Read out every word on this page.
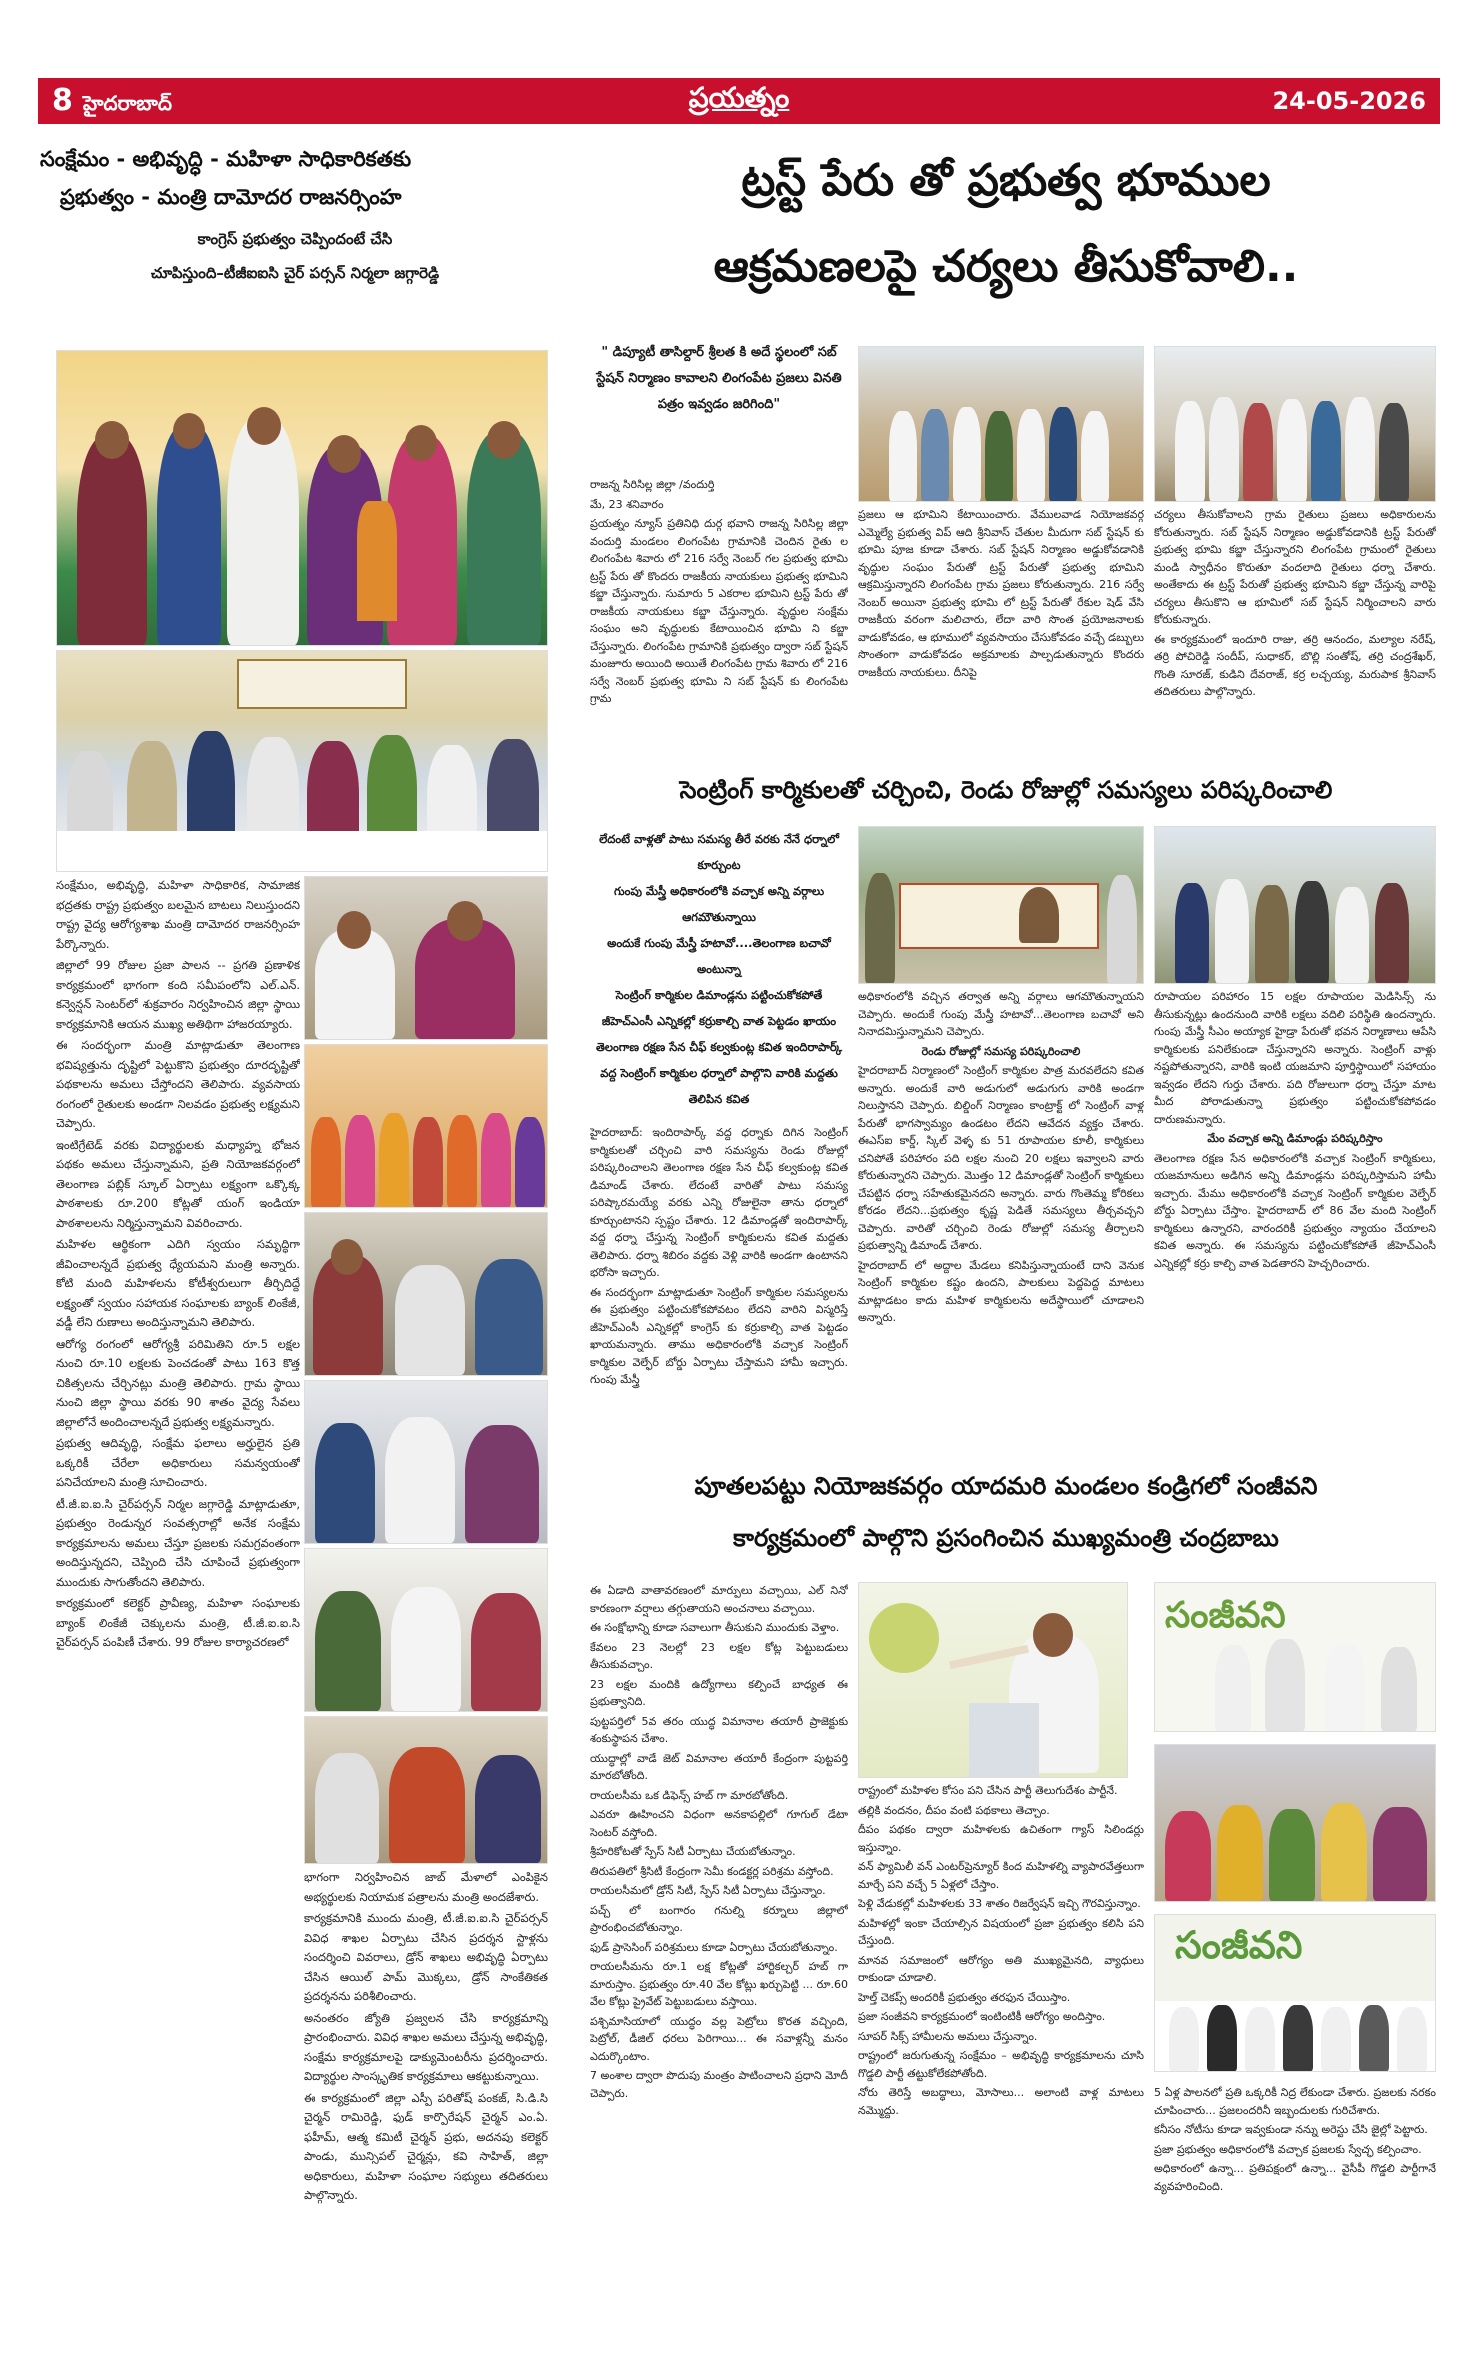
8 హైదరాబాద్	ప్రయత్నం	24-05-2026
సంక్షేమం - అభివృద్ధి - మహిళా సాధికారికతకు
ప్రభుత్వం - మంత్రి దామోదర రాజనర్సింహ
కాంగ్రెస్ ప్రభుత్వం చెప్పిందంటే చేసి
చూపిస్తుంది–టీజీఐఐసి చైర్ పర్సన్ నిర్మలా జగ్గారెడ్డి

సంక్షేమం, అభివృద్ధి, మహిళా సాధికారిక, సామాజిక భద్రతకు రాష్ట్ర ప్రభుత్వం బలమైన బాటలు నిలుస్తుందని రాష్ట్ర వైద్య ఆరోగ్యశాఖ మంత్రి దామోదర రాజనర్సింహ పేర్కొన్నారు.

జిల్లాలో 99 రోజుల ప్రజా పాలన -- ప్రగతి ప్రణాళిక కార్యక్రమంలో భాగంగా కంది సమీపంలోని ఎల్.ఎన్. కన్వెన్షన్ సెంటర్‌లో శుక్రవారం నిర్వహించిన జిల్లా స్థాయి కార్యక్రమానికి ఆయన ముఖ్య అతిథిగా హాజరయ్యారు.

ఈ సందర్భంగా మంత్రి మాట్లాడుతూ తెలంగాణ భవిష్యత్తును దృష్టిలో పెట్టుకొని ప్రభుత్వం దూరదృష్టితో పథకాలను అమలు చేస్తోందని తెలిపారు. వ్యవసాయ రంగంలో రైతులకు అండగా నిలవడం ప్రభుత్వ లక్ష్యమని చెప్పారు.

ఇంటిగ్రేటెడ్ వరకు విద్యార్థులకు మధ్యాహ్న భోజన పథకం అమలు చేస్తున్నామని, ప్రతి నియోజకవర్గంలో తెలంగాణ పబ్లిక్ స్కూల్ ఏర్పాటు లక్ష్యంగా ఒక్కొక్క పాఠశాలకు రూ.200 కోట్లతో యంగ్ ఇండియా పాఠశాలలను నిర్మిస్తున్నామని వివరించారు.

మహిళల ఆర్థికంగా ఎదిగి స్వయం సమృద్ధిగా జీవించాలన్నదే ప్రభుత్వ ధ్యేయమని మంత్రి అన్నారు. కోటి మంది మహిళలను కోటీశ్వరులుగా తీర్చిదిద్దే లక్ష్యంతో స్వయం సహాయక సంఘాలకు బ్యాంక్ లింకేజీ, వడ్డీ లేని రుణాలు అందిస్తున్నామని తెలిపారు.

ఆరోగ్య రంగంలో ఆరోగ్యశ్రీ పరిమితిని రూ.5 లక్షల నుంచి రూ.10 లక్షలకు పెంచడంతో పాటు 163 కొత్త చికిత్సలను చేర్చినట్లు మంత్రి తెలిపారు. గ్రామ స్థాయి నుంచి జిల్లా స్థాయి వరకు 90 శాతం వైద్య సేవలు జిల్లాలోనే అందించాలన్నదే ప్రభుత్వ లక్ష్యమన్నారు.

ప్రభుత్వ ఆదివృద్ధి, సంక్షేమ ఫలాలు అర్హులైన ప్రతి ఒక్కరికీ చేరేలా అధికారులు సమన్వయంతో పనిచేయాలని మంత్రి సూచించారు.

టీ.జీ.ఐ.ఐ.సి చైర్‌పర్సన్ నిర్మల జగ్గారెడ్డి మాట్లాడుతూ, ప్రభుత్వం రెండున్నర సంవత్సరాల్లో అనేక సంక్షేమ కార్యక్రమాలను అమలు చేస్తూ ప్రజలకు సమగ్రవంతంగా అందిస్తున్నదని, చెప్పింది చేసి చూపించే ప్రభుత్వంగా ముందుకు సాగుతోందని తెలిపారు.

కార్యక్రమంలో కలెక్టర్ ప్రావీణ్య, మహిళా సంఘాలకు బ్యాంక్ లింకేజీ చెక్కులను మంత్రి, టీ.జీ.ఐ.ఐ.సి చైర్‌పర్సన్ పంపిణీ చేశారు. 99 రోజుల కార్యాచరణలో

భాగంగా నిర్వహించిన జాబ్ మేళాలో ఎంపికైన అభ్యర్థులకు నియామక పత్రాలను మంత్రి అందజేశారు.

కార్యక్రమానికి ముందు మంత్రి, టీ.జీ.ఐ.ఐ.సి చైర్‌పర్సన్ వివిధ శాఖల ఏర్పాటు చేసిన ప్రదర్శన స్టాళ్లను సందర్శించి వివరాలు, డ్రోన్ శాఖలు అభివృద్ధి ఏర్పాటు చేసిన ఆయిల్ పామ్ మొక్కలు, డ్రోన్ సాంకేతికత ప్రదర్శనను పరిశీలించారు.

అనంతరం జ్యోతి ప్రజ్వలన చేసి కార్యక్రమాన్ని ప్రారంభించారు. వివిధ శాఖల అమలు చేస్తున్న అభివృద్ధి, సంక్షేమ కార్యక్రమాలపై డాక్యుమెంటరీను ప్రదర్శించారు. విద్యార్థుల సాంస్కృతిక కార్యక్రమాలు ఆకట్టుకున్నాయి.

ఈ కార్యక్రమంలో జిల్లా ఎస్పీ పరితోష్ పంకజ్, సి.డి.సి చైర్మన్ రామిరెడ్డి, ఫుడ్ కార్పొరేషన్ చైర్మన్ ఎం.ఏ. ఫహీమ్, ఆత్మ కమిటీ చైర్మన్ ప్రభు, అదనపు కలెక్టర్ పాండు, మున్సిపల్ చైర్మన్లు, కవి సాహిత్, జిల్లా అధికారులు, మహిళా సంఘాల సభ్యులు తదితరులు పాల్గొన్నారు.

ట్రస్ట్ పేరు తో ప్రభుత్వ భూముల
ఆక్రమణలపై చర్యలు తీసుకోవాలి..
" డిప్యూటీ తాసిల్దార్ శ్రీలత కి అదే స్థలంలో సబ్ స్టేషన్ నిర్మాణం కావాలని లింగంపేట ప్రజలు వినతి పత్రం ఇవ్వడం జరిగింది"

రాజన్న సిరిసిల్ల జిల్లా /వందుర్తి

మే, 23 శనివారం

ప్రయత్నం న్యూస్ ప్రతినిధి దుర్గ భవాని రాజన్న సిరిసిల్ల జిల్లా వందుర్తి మండలం లింగంపేట గ్రామానికి చెందిన రైతు ల లింగంపేట శివారు లో 216 సర్వే నెంబర్ గల ప్రభుత్వ భూమి ట్రస్ట్ పేరు తో కొందరు రాజకీయ నాయకులు ప్రభుత్వ భూమిని కబ్జా చేస్తున్నారు. సుమారు 5 ఎకరాల భూమిని ట్రస్ట్ పేరు తో రాజకీయ నాయకులు కబ్జా చేస్తున్నారు. వృద్ధుల సంక్షేమ సంఘం అని వృద్ధులకు కేటాయించిన భూమి ని కబ్జా చేస్తున్నారు. లింగంపేట గ్రామానికి ప్రభుత్వం ద్వారా సబ్ స్టేషన్ మంజూరు అయింది అయితే లింగంపేట గ్రామ శివారు లో 216 సర్వే నెంబర్ ప్రభుత్వ భూమి ని సబ్ స్టేషన్ కు లింగంపేట గ్రామ

ప్రజలు ఆ భూమిని కేటాయించారు. వేములవాడ నియోజకవర్గ ఎమ్మెల్యే ప్రభుత్వ విప్ ఆది శ్రీనివాస్ చేతుల మీదుగా సబ్ స్టేషన్ కు భూమి పూజ కూడా చేశారు. సబ్ స్టేషన్ నిర్మాణం అడ్డుకోవడానికి వృద్ధుల సంఘం పేరుతో ట్రస్ట్ పేరుతో ప్రభుత్వ భూమిని ఆక్రమిస్తున్నారని లింగంపేట గ్రామ ప్రజలు కోరుతున్నారు. 216 సర్వే నెంబర్ అయినా ప్రభుత్వ భూమి లో ట్రస్ట్ పేరుతో రేకుల షెడ్ వేసి రాజకీయ వరంగా మలిచారు, లేదా వారి సొంత ప్రయోజనాలకు వాడుకోవడం, ఆ భూములో వ్యవసాయం చేసుకోవడం వచ్చే డబ్బులు సొంతంగా వాడుకోవడం అక్రమాలకు పాల్పడుతున్నారు కొందరు రాజకీయ నాయకులు. దీనిపై

చర్యలు తీసుకోవాలని గ్రామ రైతులు ప్రజలు అధికారులను కోరుతున్నారు. సబ్ స్టేషన్ నిర్మాణం అడ్డుకోవడానికి ట్రస్ట్ పేరుతో ప్రభుత్వ భూమి కబ్జా చేస్తున్నారని లింగంపేట గ్రామంలో రైతులు మండి స్వాధీనం కొరుతూ వందలాది రైతులు ధర్నా చేశారు. అంతేకాదు ఈ ట్రస్ట్ పేరుతో ప్రభుత్వ భూమిని కబ్జా చేస్తున్న వారిపై చర్యలు తీసుకొని ఆ భూమిలో సబ్ స్టేషన్ నిర్మించాలని వారు కోరుకున్నారు.

ఈ కార్యక్రమంలో ఇందూరి రాజు, తర్రి ఆనందం, మల్యాల నరేష్, తర్రి పోచిరెడ్డి సందీప్, సుధాకర్, బొల్లి సంతోష్, తర్రి చంద్రశేఖర్, గొంతి సూరజ్, కుడిని దేవరాజ్, కర్ర లచ్చయ్య, మరుపాక శ్రీనివాస్ తదితరులు పాల్గొన్నారు.

సెంట్రింగ్ కార్మికులతో చర్చించి, రెండు రోజుల్లో సమస్యలు పరిష్కరించాలి

లేదంటే వాళ్లతో పాటు సమస్య తీరే వరకు నేనే ధర్నాలో కూర్చుంట

గుంపు మేస్త్రీ అధికారంలోకి వచ్చాక అన్ని వర్గాలు ఆగమౌతున్నాయి

అందుకే గుంపు మేస్త్రీ హటావో....తెలంగాణ బచావో అంటున్నా

సెంట్రింగ్ కార్మికుల డిమాండ్లను పట్టించుకోకపోతే జీహెచ్ఎంసీ ఎన్నికల్లో కర్రుకాల్చి వాత పెట్టడం ఖాయం

తెలంగాణ రక్షణ సేన చీఫ్ కల్వకుంట్ల కవిత ఇందిరాపార్క్ వద్ద సెంట్రింగ్ కార్మికుల ధర్నాలో పాల్గొని వారికి మద్దతు తెలిపిన కవిత

హైదరాబాద్: ఇందిరాపార్క్ వద్ద ధర్నాకు దిగిన సెంట్రింగ్ కార్మికులతో చర్చించి వారి సమస్యను రెండు రోజుల్లో పరిష్కరించాలని తెలంగాణ రక్షణ సేన చీఫ్ కల్వకుంట్ల కవిత డిమాండ్ చేశారు. లేదంటే వారితో పాటు సమస్య పరిష్కారమయ్యే వరకు ఎన్ని రోజులైనా తాను ధర్నాలో కూర్చుంటానని స్పష్టం చేశారు. 12 డిమాండ్లతో ఇందిరాపార్క్ వద్ద ధర్నా చేస్తున్న సెంట్రింగ్ కార్మికులను కవిత మద్దతు తెలిపారు. ధర్నా శిబిరం వద్దకు వెళ్లి వారికి అండగా ఉంటానని భరోసా ఇచ్చారు.

ఈ సందర్భంగా మాట్లాడుతూ సెంట్రింగ్ కార్మికుల సమస్యలను ఈ ప్రభుత్వం పట్టించుకోకపోవటం లేదని వారిని విస్మరిస్తే జీహెచ్ఎంసీ ఎన్నికల్లో కాంగ్రెస్ కు కర్రుకాల్చి వాత పెట్టడం ఖాయమన్నారు. తాము అధికారంలోకి వచ్చాక సెంట్రింగ్ కార్మికుల వెల్ఫేర్ బోర్డు ఏర్పాటు చేస్తామని హామీ ఇచ్చారు. గుంపు మేస్త్రీ

అధికారంలోకి వచ్చిన తర్వాత అన్ని వర్గాలు ఆగమౌతున్నాయని చెప్పారు. అందుకే గుంపు మేస్త్రీ హటావో...తెలంగాణ బచావో అని నినాదమిస్తున్నామని చెప్పారు.

రెండు రోజుల్లో సమస్య పరిష్కరించాలి

హైదరాబాద్ నిర్మాణంలో సెంట్రింగ్ కార్మికుల పాత్ర మరవలేదని కవిత అన్నారు. అందుకే వారి అడుగులో అడుగుగు వారికి అండగా నిలుస్తానని చెప్పారు. బిల్డింగ్ నిర్మాణం కాంట్రాక్ట్ లో సెంట్రింగ్ వాళ్ల పేరుతో భాగస్వామ్యం ఉండటం లేదని ఆవేదన వ్యక్తం చేశారు. ఈఎస్ఐ కార్డ్, స్కిల్ వెళ్ళ కు 51 రూపాయల కూలీ, కార్మికులు చనిపోతే పరిహారం పది లక్షల నుంచి 20 లక్షలు ఇవ్వాలని వారు కోరుతున్నారని చెప్పారు. మొత్తం 12 డిమాండ్లతో సెంట్రింగ్ కార్మికులు చేపట్టిన ధర్నా సహేతుకమైనదని అన్నారు. వారు గొంతెమ్మ కోరికలు కోరడం లేదని...ప్రభుత్వం కృష్ణ పెడితే సమస్యలు తీర్చవచ్చని చెప్పారు. వారితో చర్చించి రెండు రోజుల్లో సమస్య తీర్చాలని ప్రభుత్వాన్ని డిమాండ్ చేశారు.

హైదరాబాద్ లో అద్దాల మేడలు కనిపిస్తున్నాయంటే దాని వెనుక సెంట్రింగ్ కార్మికుల కష్టం ఉందని, పాలకులు పెద్దపెద్ద మాటలు మాట్లాడటం కాదు మహిళ కార్మికులను అదేస్థాయిలో చూడాలని అన్నారు.

రూపాయల పరిహారం 15 లక్షల రూపాయల మెడిసిన్స్ ను తీసుకున్నట్లు ఉందనుంది వారికి లక్షలు వదిలి పరిస్థితి ఉందన్నారు. గుంపు మేస్త్రీ సీఎం అయ్యాక హైడ్రా పేరుతో భవన నిర్మాణాలు ఆపేసి కార్మికులకు పనిలేకుండా చేస్తున్నారని అన్నారు. సెంట్రింగ్ వాళ్లు నష్టపోతున్నారని, వారికి ఇంటి యజమాని పూర్తిస్థాయిలో సహాయం ఇవ్వడం లేదని గుర్తు చేశారు. పది రోజులుగా ధర్నా చేస్తూ మాట మీద పోరాడుతున్నా ప్రభుత్వం పట్టించుకోకపోవడం దారుణమన్నారు.

మేం వచ్చాక అన్ని డిమాండ్లు పరిష్కరిస్తాం

తెలంగాణ రక్షణ సేన అధికారంలోకి వచ్చాక సెంట్రింగ్ కార్మికులు, యజమానులు అడిగిన అన్ని డిమాండ్లను పరిష్కరిస్తామని హామీ ఇచ్చారు. మేము అధికారంలోకి వచ్చాక సెంట్రింగ్ కార్మికుల వెల్ఫేర్ బోర్డు ఏర్పాటు చేస్తాం. హైదరాబాద్ లో 86 వేల మంది సెంట్రింగ్ కార్మికులు ఉన్నారని, వారందరికీ ప్రభుత్వం న్యాయం చేయాలని కవిత అన్నారు. ఈ సమస్యను పట్టించుకోకపోతే జీహెచ్ఎంసీ ఎన్నికల్లో కర్రు కాల్చి వాత పెడతారని హెచ్చరించారు.

పూతలపట్టు నియోజకవర్గం యాదమరి మండలం కండ్రిగలో సంజీవని
కార్యక్రమంలో పాల్గొని ప్రసంగించిన ముఖ్యమంత్రి చంద్రబాబు

ఈ ఏడాది వాతావరణంలో మార్పులు వచ్చాయి, ఎల్ నినో కారణంగా వర్షాలు తగ్గుతాయని అంచనాలు వచ్చాయి.

ఈ సంక్షోభాన్ని కూడా సవాలుగా తీసుకుని ముందుకు వెళ్తాం.

కేవలం 23 నెలల్లో 23 లక్షల కోట్ల పెట్టుబడులు తీసుకువచ్చాం.

23 లక్షల మందికి ఉద్యోగాలు కల్పించే బాధ్యత ఈ ప్రభుత్వానిది.

పుట్టపర్తిలో 5వ తరం యుద్ధ విమానాల తయారీ ప్రాజెక్టుకు శంకుస్థాపన చేశాం.

యుద్ధాల్లో వాడే జెట్ విమానాల తయారీ కేంద్రంగా పుట్టపర్తి మారబోతోంది.

రాయలసీమ ఒక డిఫెన్స్ హబ్ గా మారబోతోంది.

ఎవరూ ఊహించని విధంగా అనకాపల్లిలో గూగుల్ డేటా సెంటర్ వస్తోంది.

శ్రీహరికోటతో స్పేస్ సిటీ ఏర్పాటు చేయబోతున్నాం.

తిరుపతిలో శ్రీసిటీ కేంద్రంగా సెమీ కండక్టర్ల పరిశ్రమ వస్తోంది.

రాయలసీమలో డ్రోన్ సిటీ, స్పేస్ సిటీ ఏర్పాటు చేస్తున్నాం.

పచ్చ్ లో బంగారం గనుల్ని కర్నూలు జిల్లాలో ప్రారంభించబోతున్నాం.

ఫుడ్ ప్రాసెసింగ్ పరిశ్రమలు కూడా ఏర్పాటు చేయబోతున్నాం.

రాయలసీమను రూ.1 లక్ష కోట్లతో హార్టికల్చర్ హబ్ గా మారుస్తాం. ప్రభుత్వం రూ.40 వేల కోట్లు ఖర్చుపెట్టి ... రూ.60 వేల కోట్లు ప్రైవేట్ పెట్టుబడులు వస్తాయి.

పశ్చిమాసియాలో యుద్ధం వల్ల పెట్రోలు కొరత వచ్చింది, పెట్రోల్, డీజిల్ ధరలు పెరిగాయి... ఈ సవాళ్లన్నీ మనం ఎదుర్కొంటాం.

7 అంశాల ద్వారా పొదుపు మంత్రం పాటించాలని ప్రధాని మోదీ చెప్పారు.

సంజీవని
సంజీవని

రాష్ట్రంలో మహిళల కోసం పని చేసిన పార్టీ తెలుగుదేశం పార్టీనే.

తల్లికి వందనం, దీపం వంటి పథకాలు తెచ్చాం.

దీపం పథకం ద్వారా మహిళలకు ఉచితంగా గ్యాస్ సిలిండర్లు ఇస్తున్నాం.

వన్ ఫ్యామిలీ వన్ ఎంటర్‌ప్రెన్యూర్ కింద మహిళల్ని వ్యాపారవేత్తలుగా మార్చే పని వచ్చే 5 ఏళ్లలో చేస్తాం.

పెళ్లి వేడుకల్లో మహిళలకు 33 శాతం రిజర్వేషన్ ఇచ్చి గౌరవిస్తున్నాం.

మహిళల్లో ఇంకా చేయాల్సిన విషయంలో ప్రజా ప్రభుత్వం కలిసి పని చేస్తుంది.

మానవ సమాజంలో ఆరోగ్యం అతి ముఖ్యమైనది, వ్యాధులు రాకుండా చూడాలి.

హెల్త్ చెకప్స్ అందరికీ ప్రభుత్వం తరఫున చేయిస్తాం.

ప్రజా సంజీవని కార్యక్రమంలో ఇంటింటికీ ఆరోగ్యం అందిస్తాం.

సూపర్ సిక్స్ హామీలను అమలు చేస్తున్నాం.

రాష్ట్రంలో జరుగుతున్న సంక్షేమం – అభివృద్ధి కార్యక్రమాలను చూసి గొడ్డలి పార్టీ తట్టుకోలేకపోతోంది.

నోరు తెరిస్తే అబద్ధాలు, మోసాలు... అలాంటి వాళ్ల మాటలు నమ్మొద్దు.

5 ఏళ్ల పాలనలో ప్రతి ఒక్కరికీ నిద్ర లేకుండా చేశారు. ప్రజలకు నరకం చూపించారు... ప్రజలందరినీ ఇబ్బందులకు గురిచేశారు.

కనీసం నోటీసు కూడా ఇవ్వకుండా నన్ను అరెస్టు చేసి జైల్లో పెట్టారు.

ప్రజా ప్రభుత్వం అధికారంలోకి వచ్చాక ప్రజలకు స్వేచ్ఛ కల్పించాం.

అధికారంలో ఉన్నా... ప్రతిపక్షంలో ఉన్నా... వైసీపీ గొడ్డలి పార్టీగానే వ్యవహరించింది.
